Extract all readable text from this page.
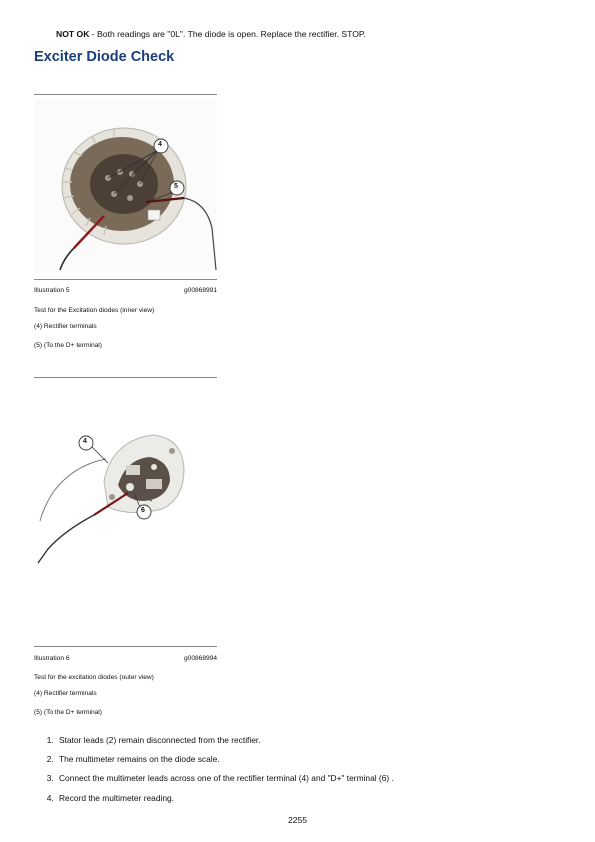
NOT OK - Both readings are "0L". The diode is open. Replace the rectifier. STOP.
Exciter Diode Check
4
5
Illustration 5	g00868991
Test for the Excitation diodes (inner view)
(4) Rectifier terminals
(5) (To the D+ terminal)
4
6
Illustration 6	g00868994
Test for the excitation diodes (outer view)
(4) Rectifier terminals
(5) (To the D+ terminal)
1. Stator leads (2) remain disconnected from the rectifier.
2. The multimeter remains on the diode scale.
3. Connect the multimeter leads across one of the rectifier terminal (4) and "D+" terminal (6) .
4. Record the multimeter reading.
2255
